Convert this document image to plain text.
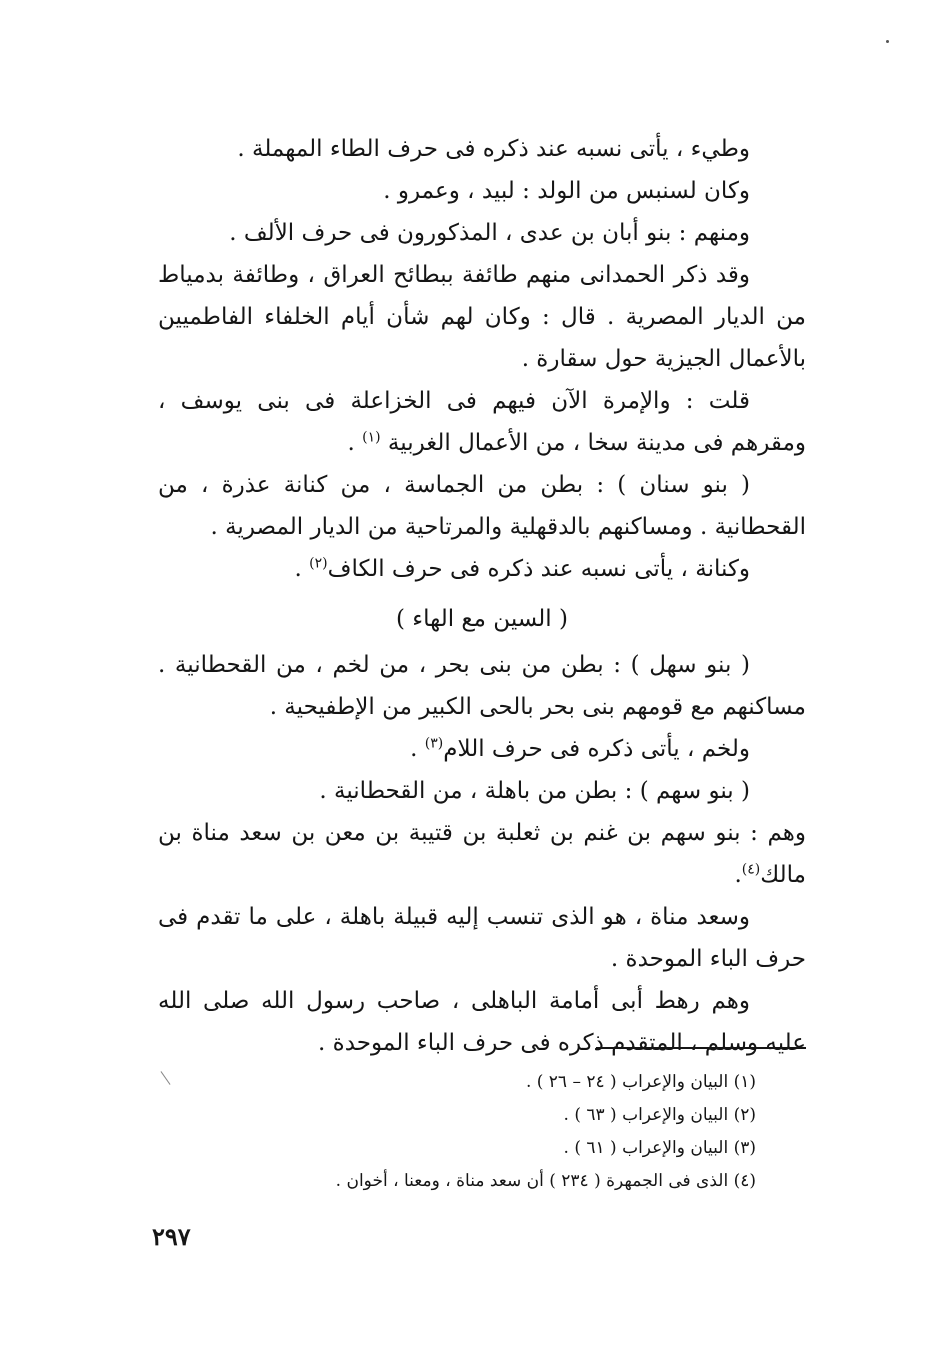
وطيء ، يأتى نسبه عند ذكره فى حرف الطاء المهملة .

وكان لسنبس من الولد : لبيد ، وعمرو .

ومنهم : بنو أبان بن عدى ، المذكورون فى حرف الألف .

وقد ذكر الحمدانى منهم طائفة ببطائح العراق ، وطائفة بدمياط من الديار المصرية . قال : وكان لهم شأن أيام الخلفاء الفاطميين بالأعمال الجيزية حول سقارة .

قلت : والإمرة الآن فيهم فى الخزاعلة فى بنى يوسف ، ومقرهم فى مدينة سخا ، من الأعمال الغربية $^{(١)}$ .

( بنو سنان ) : بطن من الجماسة ، من كنانة عذرة ، من القحطانية . ومساكنهم بالدقهلية والمرتاحية من الديار المصرية .

وكنانة ، يأتى نسبه عند ذكره فى حرف الكاف$^{(٢)}$ .

( السين مع الهاء )

( بنو سهل ) : بطن من بنى بحر ، من لخم ، من القحطانية . مساكنهم مع قومهم بنى بحر بالحى الكبير من الإطفيحية .

ولخم ، يأتى ذكره فى حرف اللام$^{(٣)}$ .

( بنو سهم ) : بطن من باهلة ، من القحطانية .

وهم : بنو سهم بن غنم بن ثعلبة بن قتيبة بن معن بن سعد مناة بن مالك$^{(٤)}$.

وسعد مناة ، هو الذى تنسب إليه قبيلة باهلة ، على ما تقدم فى حرف الباء الموحدة .

وهم رهط أبى أمامة الباهلى ، صاحب رسول الله صلى الله عليه وسلم ، المتقدم ذكره فى حرف الباء الموحدة .

(١) البيان والإعراب ( ٢٤ – ٢٦ ) .

(٢) البيان والإعراب ( ٦٣ ) .

(٣) البيان والإعراب ( ٦١ ) .

(٤) الذى فى الجمهرة ( ٢٣٤ ) أن سعد مناة ، ومعنا ، أخوان .

٢٩٧
